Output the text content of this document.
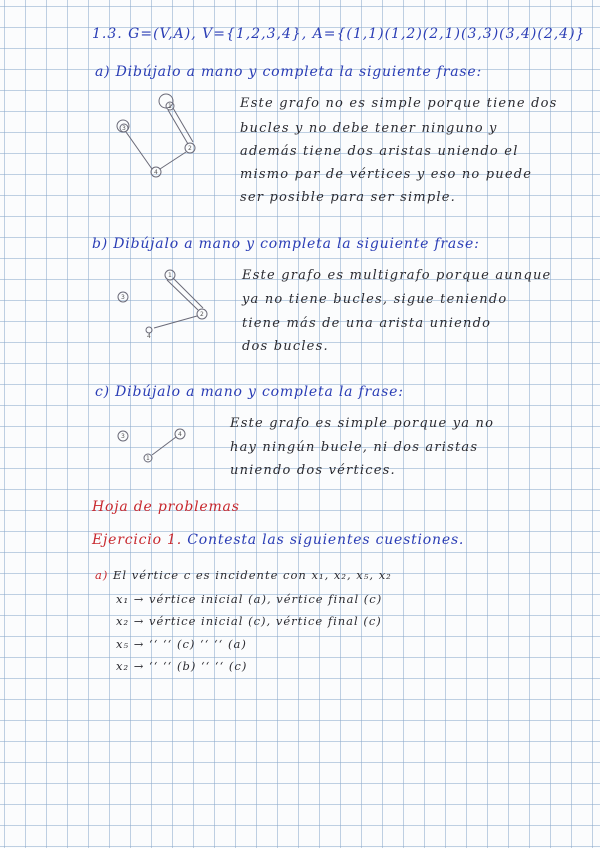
1.3. G=(V,A), V={1,2,3,4}, A={(1,1)(1,2)(2,1)(3,3)(3,4)(2,4)}
a) Dibújalo a mano y completa la siguiente frase:
1
2
3
4
Este grafo no es simple porque tiene dos
bucles y no debe tener ninguno y
además tiene dos aristas uniendo el
mismo par de vértices y eso no puede
ser posible para ser simple.
b) Dibújalo a mano y completa la siguiente frase:
1
2
3
4
Este grafo es multigrafo porque aunque
ya no tiene bucles, sigue teniendo
tiene más de una arista uniendo
dos bucles.
c) Dibújalo a mano y completa la frase:
3	4
1
Este grafo es simple porque ya no
hay ningún bucle, ni dos aristas
uniendo dos vértices.
Hoja de problemas
Ejercicio 1. Contesta las siguientes cuestiones.
a) El vértice c es incidente con x₁, x₂, x₅, x₂
x₁ → vértice inicial (a), vértice final (c)
x₂ → vértice inicial (c), vértice final (c)
x₅ → ‘‘ ‘‘ (c) ‘‘ ‘‘ (a)
x₂ → ‘‘ ‘‘ (b) ‘‘ ‘‘ (c)
